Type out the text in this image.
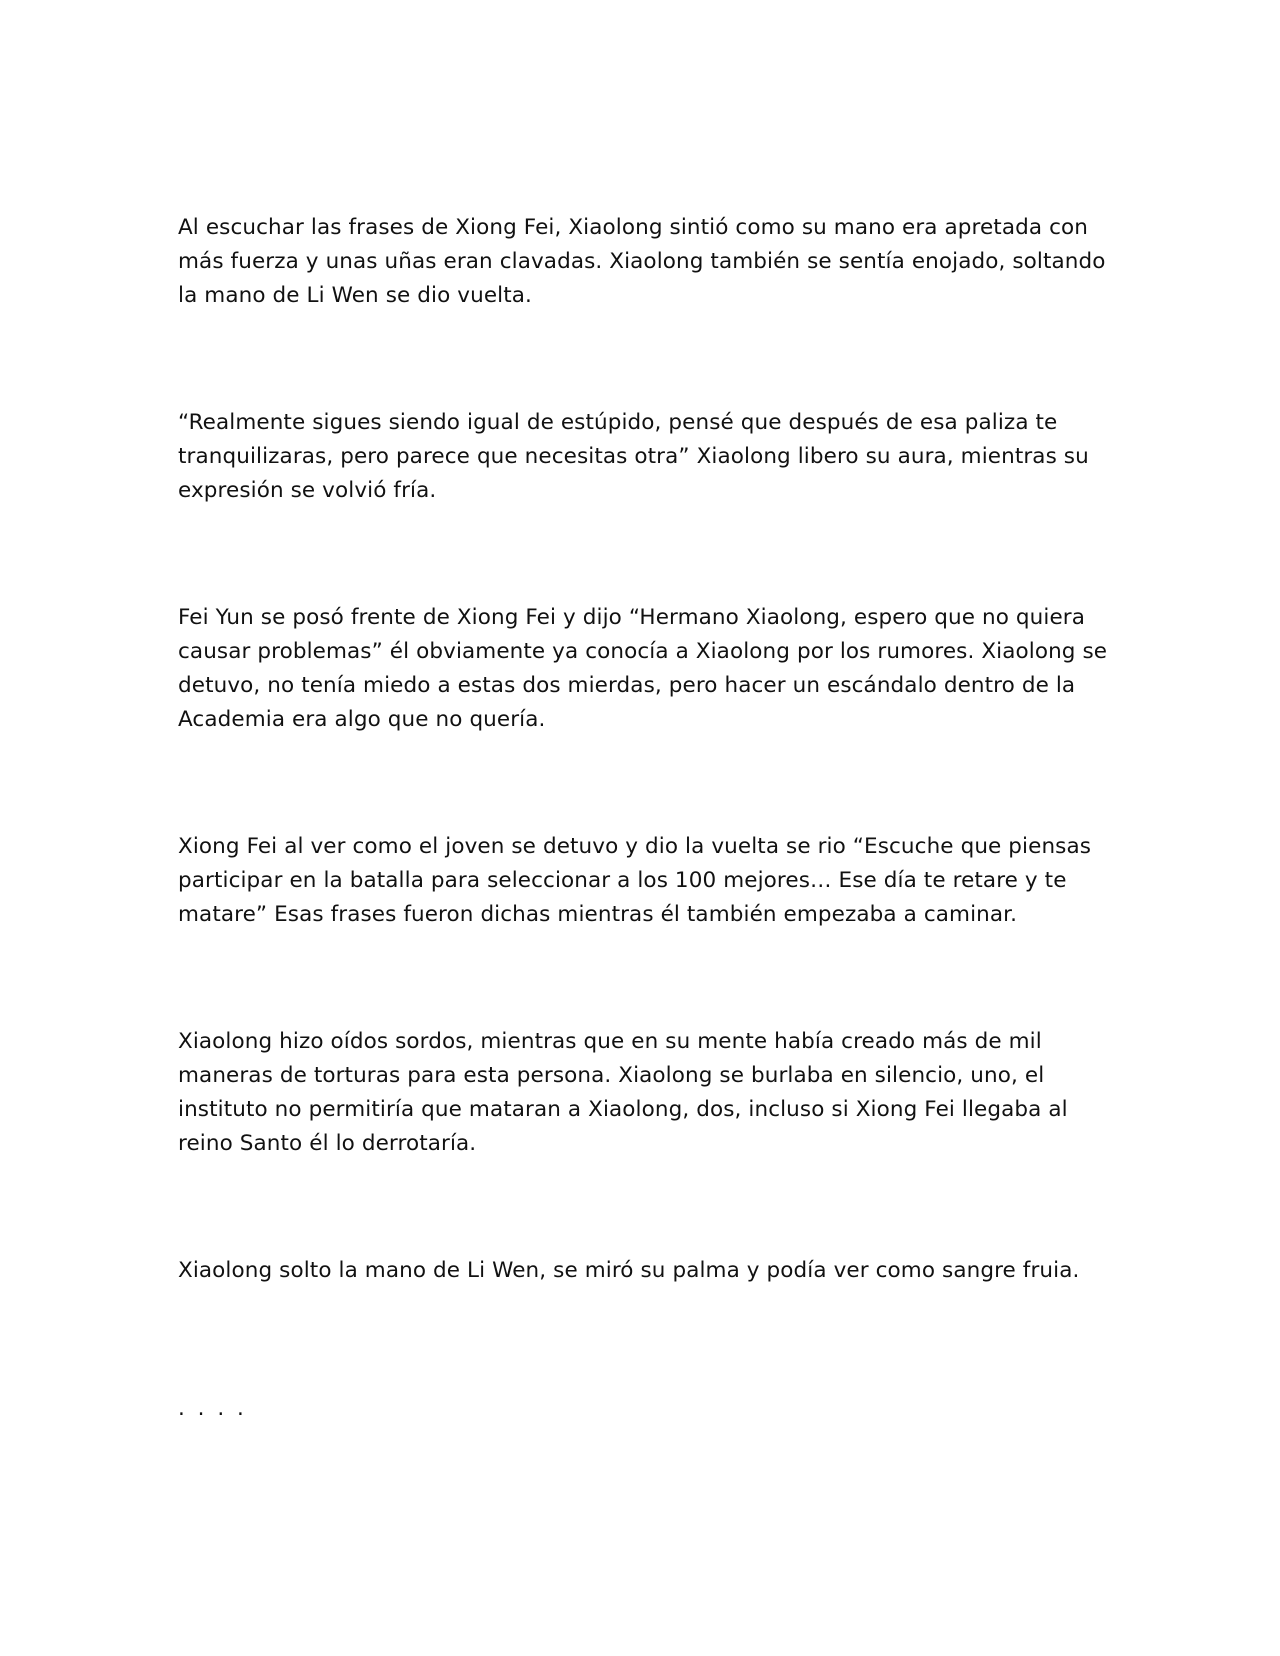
Al escuchar las frases de Xiong Fei, Xiaolong sintió como su mano era apretada con más fuerza y unas uñas eran clavadas. Xiaolong también se sentía enojado, soltando la mano de Li Wen se dio vuelta.

“Realmente sigues siendo igual de estúpido, pensé que después de esa paliza te tranquilizaras, pero parece que necesitas otra” Xiaolong libero su aura, mientras su expresión se volvió fría.

Fei Yun se posó frente de Xiong Fei y dijo “Hermano Xiaolong, espero que no quiera causar problemas” él obviamente ya conocía a Xiaolong por los rumores. Xiaolong se detuvo, no tenía miedo a estas dos mierdas, pero hacer un escándalo dentro de la Academia era algo que no quería.

Xiong Fei al ver como el joven se detuvo y dio la vuelta se rio “Escuche que piensas participar en la batalla para seleccionar a los 100 mejores… Ese día te retare y te matare” Esas frases fueron dichas mientras él también empezaba a caminar.

Xiaolong hizo oídos sordos, mientras que en su mente había creado más de mil maneras de torturas para esta persona. Xiaolong se burlaba en silencio, uno, el instituto no permitiría que mataran a Xiaolong, dos, incluso si Xiong Fei llegaba al reino Santo él lo derrotaría.

Xiaolong solto la mano de Li Wen, se miró su palma y podía ver como sangre fruia.

. . . .
